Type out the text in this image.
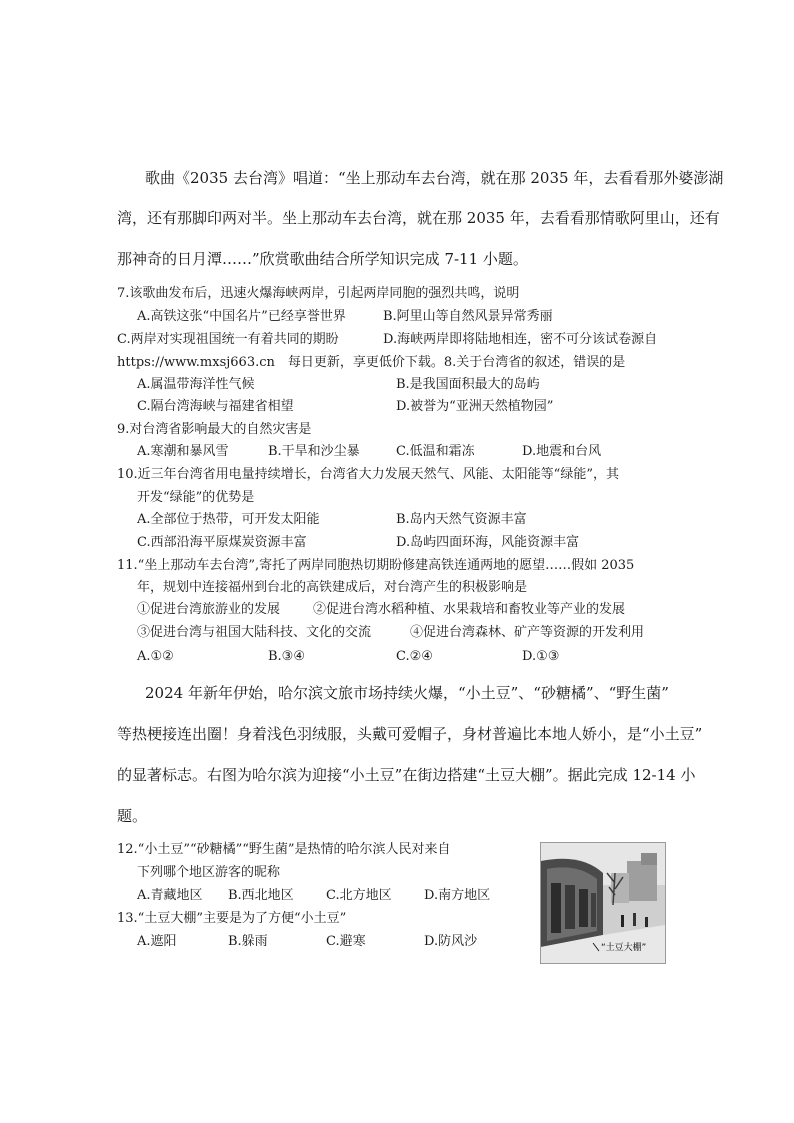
歌曲《2035 去台湾》唱道：“坐上那动车去台湾，就在那 2035 年，去看看那外婆澎湖
湾，还有那脚印两对半。坐上那动车去台湾，就在那 2035 年，去看看那情歌阿里山，还有
那神奇的日月潭……”欣赏歌曲结合所学知识完成 7-11 小题。
7.该歌曲发布后，迅速火爆海峡两岸，引起两岸同胞的强烈共鸣，说明
A.高铁这张“中国名片”已经享誉世界	B.阿里山等自然风景异常秀丽
C.两岸对实现祖国统一有着共同的期盼	D.海峡两岸即将陆地相连，密不可分该试卷源自
https://www.mxsj663.cn　每日更新，享更低价下载。8.关于台湾省的叙述，错误的是
A.属温带海洋性气候	B.是我国面积最大的岛屿
C.隔台湾海峡与福建省相望	D.被誉为“亚洲天然植物园”
9.对台湾省影响最大的自然灾害是
A.寒潮和暴风雪	B.干旱和沙尘暴	C.低温和霜冻	D.地震和台风
10.近三年台湾省用电量持续增长，台湾省大力发展天然气、风能、太阳能等“绿能”，其
开发“绿能”的优势是
A.全部位于热带，可开发太阳能	B.岛内天然气资源丰富
C.西部沿海平原煤炭资源丰富	D.岛屿四面环海，风能资源丰富
11.“坐上那动车去台湾”,寄托了两岸同胞热切期盼修建高铁连通两地的愿望……假如 2035
年，规划中连接福州到台北的高铁建成后，对台湾产生的积极影响是
①促进台湾旅游业的发展	②促进台湾水稻种植、水果栽培和畜牧业等产业的发展
③促进台湾与祖国大陆科技、文化的交流	④促进台湾森林、矿产等资源的开发利用
A.①②	B.③④	C.②④	D.①③
2024 年新年伊始，哈尔滨文旅市场持续火爆，“小土豆”、“砂糖橘”、“野生菌”
等热梗接连出圈！身着浅色羽绒服，头戴可爱帽子，身材普遍比本地人娇小，是“小土豆”
的显著标志。右图为哈尔滨为迎接“小土豆”在街边搭建“土豆大棚”。据此完成 12-14 小
题。
12.“小土豆”“砂糖橘”“野生菌”是热情的哈尔滨人民对来自
下列哪个地区游客的昵称
A.青藏地区 B.西北地区 C.北方地区 D.南方地区
13.“土豆大棚”主要是为了方便“小土豆”
A.遮阳	B.躲雨	C.避寒	D.防风沙	“土豆大棚”
